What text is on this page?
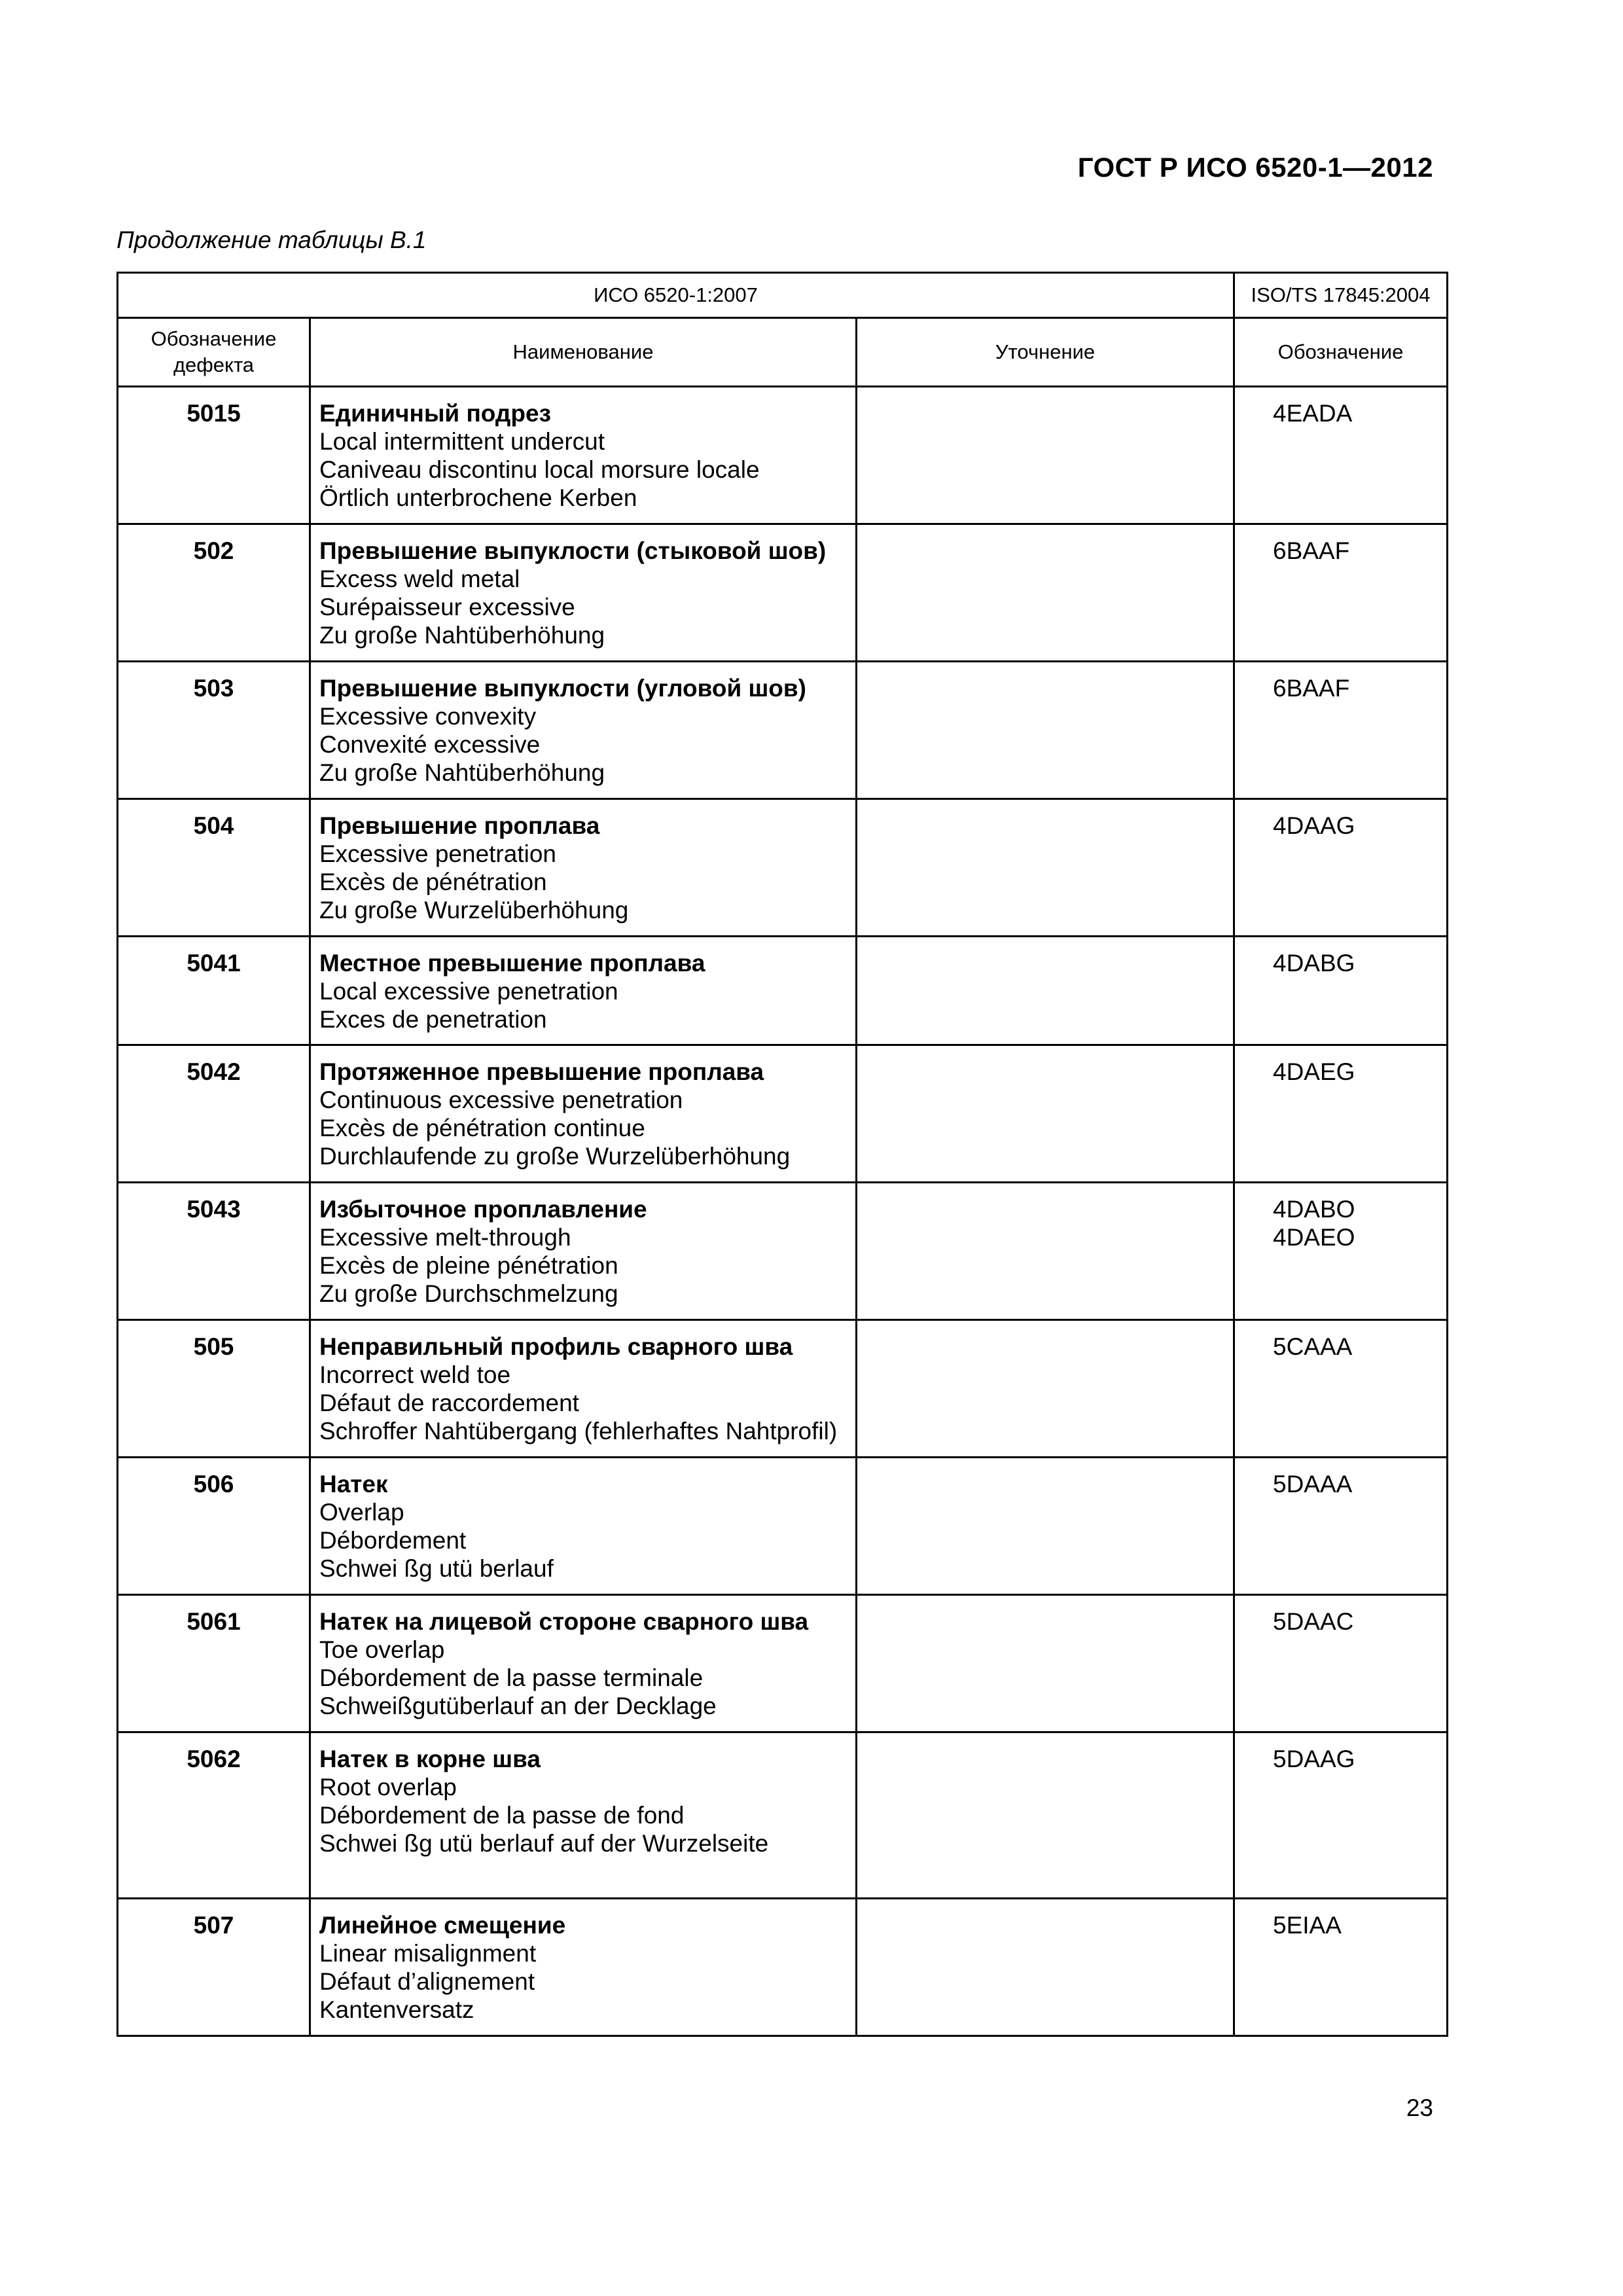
ГОСТ Р ИСО 6520-1—2012
Продолжение таблицы В.1
ИСО 6520-1:2007			ISO/TS 17845:2004
Обозначение дефекта	Наименование	Уточнение	Обозначение
5015	Единичный подрез
Local intermittent undercut
Caniveau discontinu local morsure locale
Örtlich unterbrochene Kerben		4EADA

502	Превышение выпуклости (стыковой шов)
Excess weld metal
Surépaisseur excessive
Zu große Nahtüberhöhung		6BAAF

503	Превышение выпуклости (угловой шов)
Excessive convexity
Convexité excessive
Zu große Nahtüberhöhung		6BAAF

504	Превышение проплава
Excessive penetration
Excès de pénétration
Zu große Wurzelüberhöhung		4DAAG

5041	Местное превышение проплава
Local excessive penetration
Exces de penetration		4DABG

5042	Протяженное превышение проплава
Continuous excessive penetration
Excès de pénétration continue
Durchlaufende zu große Wurzelüberhöhung		4DAEG

5043	Избыточное проплавление
Excessive melt-through
Excès de pleine pénétration
Zu große Durchschmelzung		4DABO
4DAEO

505	Неправильный профиль сварного шва
Incorrect weld toe
Défaut de raccordement
Schroffer Nahtübergang (fehlerhaftes Nahtprofil)		5CAAA

506	Натек
Overlap
Débordement
Schwei ßg utü berlauf		5DAAA

5061	Натек на лицевой стороне сварного шва
Toe overlap
Débordement de la passe terminale
Schweißgutüberlauf an der Decklage		5DAAC

5062	Натек в корне шва
Root overlap
Débordement de la passe de fond
Schwei ßg utü berlauf auf der Wurzelseite		5DAAG

507	Линейное смещение
Linear misalignment
Défaut d’alignement
Kantenversatz		5EIAA
23
